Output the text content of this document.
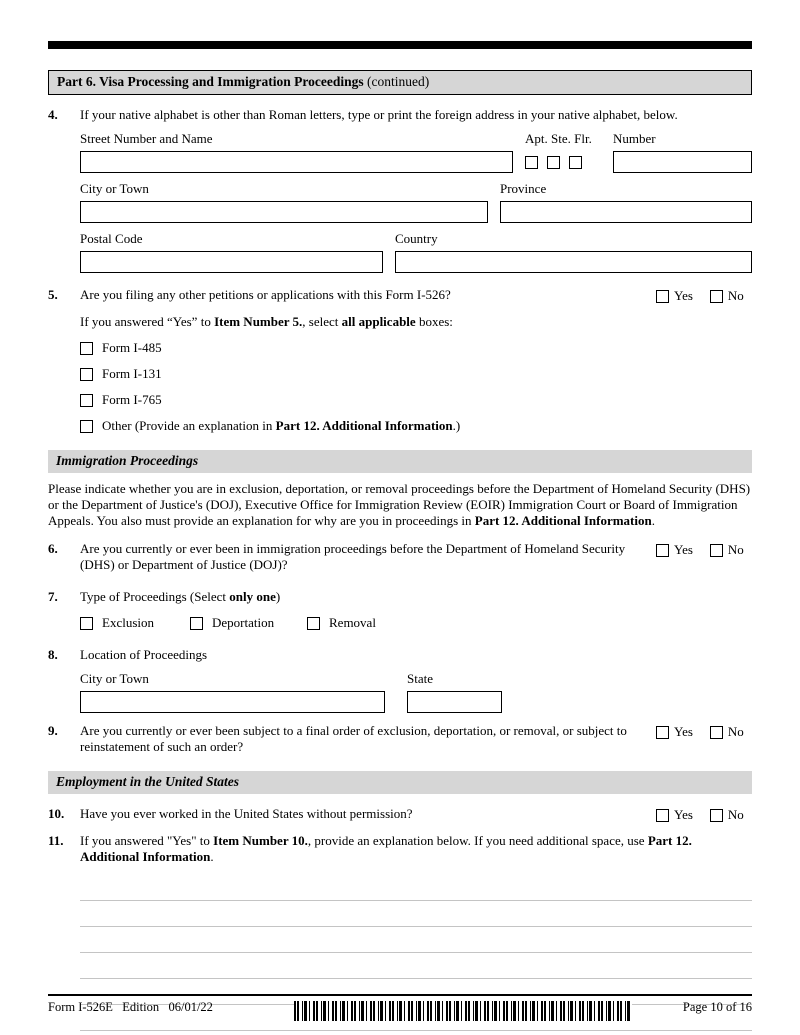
Part 6. Visa Processing and Immigration Proceedings (continued)
4.	If your native alphabet is other than Roman letters, type or print the foreign address in your native alphabet, below.
Street Number and Name	Apt. Ste. Flr.	Number
City or Town	Province
Postal Code	Country
5.	Are you filing any other petitions or applications with this Form I-526?	Yes	No
If you answered “Yes” to Item Number 5., select all applicable boxes:
Form I-485
Form I-131
Form I-765
Other (Provide an explanation in Part 12. Additional Information.)
Immigration Proceedings
Please indicate whether you are in exclusion, deportation, or removal proceedings before the Department of Homeland Security (DHS) or the Department of Justice's (DOJ), Executive Office for Immigration Review (EOIR) Immigration Court or Board of Immigration Appeals. You also must provide an explanation for why are you in proceedings in Part 12. Additional Information.
6.	Are you currently or ever been in immigration proceedings before the Department of Homeland Security (DHS) or Department of Justice (DOJ)?
Yes	No
7.	Type of Proceedings (Select only one)
Exclusion	Deportation	Removal
8.	Location of Proceedings
City or Town	State
9.	Are you currently or ever been subject to a final order of exclusion, deportation, or removal, or subject to reinstatement of such an order?
Yes	No
Employment in the United States
10.	Have you ever worked in the United States without permission?	Yes	No
11.	If you answered "Yes" to Item Number 10., provide an explanation below. If you need additional space, use Part 12. Additional Information.
Form I-526E   Edition   06/01/22	Page 10 of 16
